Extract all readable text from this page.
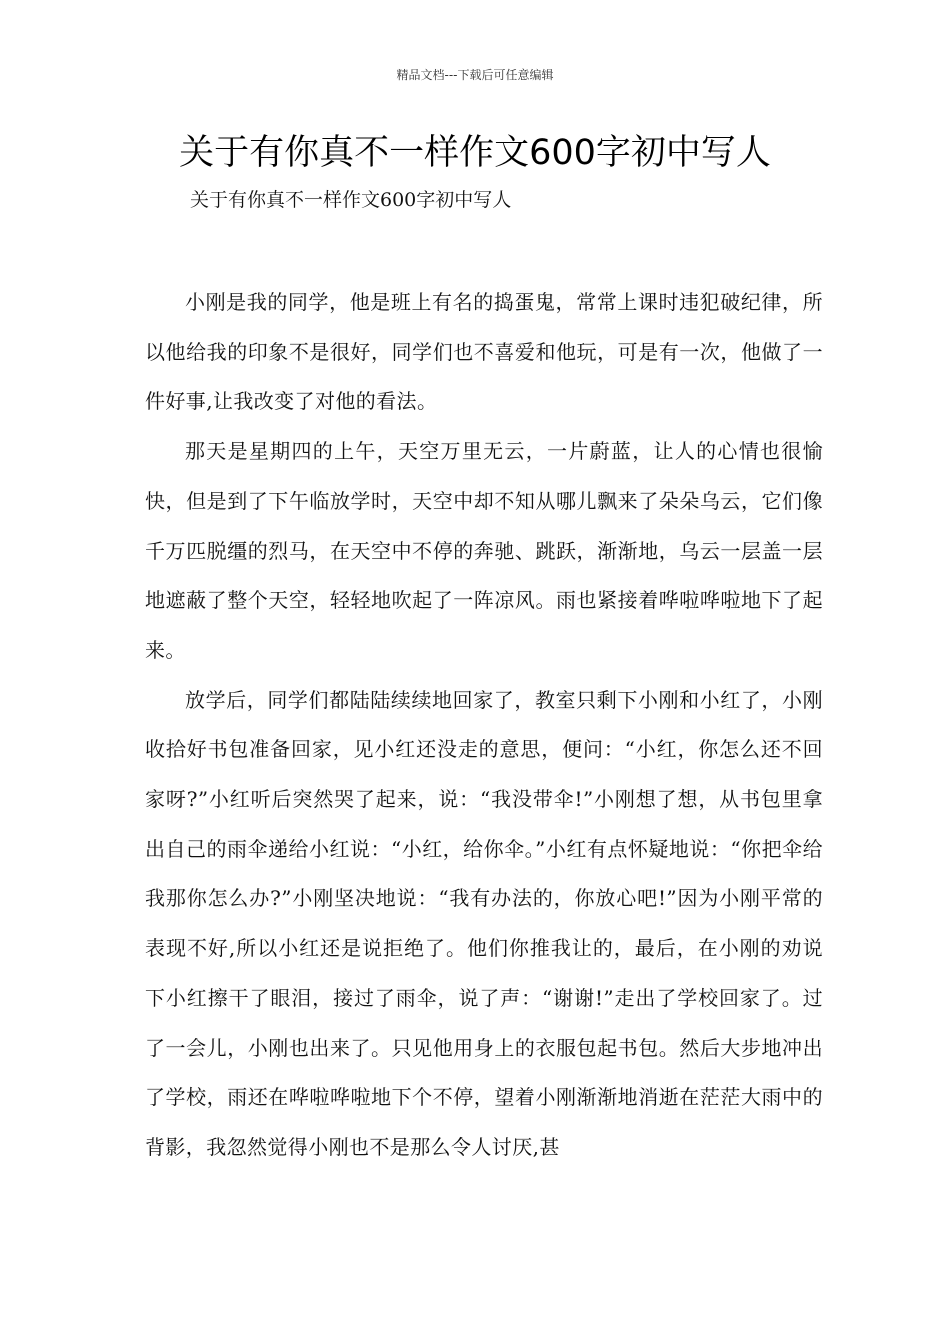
精品文档---下载后可任意编辑
关于有你真不一样作文600字初中写人

关于有你真不一样作文600字初中写人

小刚是我的同学，他是班上有名的捣蛋鬼，常常上课时违犯破纪律，所以他给我的印象不是很好，同学们也不喜爱和他玩，可是有一次，他做了一件好事,让我改变了对他的看法。

那天是星期四的上午，天空万里无云，一片蔚蓝，让人的心情也很愉快，但是到了下午临放学时，天空中却不知从哪儿飘来了朵朵乌云，它们像千万匹脱缰的烈马，在天空中不停的奔驰、跳跃，渐渐地，乌云一层盖一层地遮蔽了整个天空，轻轻地吹起了一阵凉风。雨也紧接着哗啦哗啦地下了起来。

放学后，同学们都陆陆续续地回家了，教室只剩下小刚和小红了，小刚收拾好书包准备回家，见小红还没走的意思，便问：“小红，你怎么还不回家呀?”小红听后突然哭了起来，说：“我没带伞!”小刚想了想，从书包里拿出自己的雨伞递给小红说：“小红，给你伞。”小红有点怀疑地说：“你把伞给我那你怎么办?”小刚坚决地说：“我有办法的，你放心吧!”因为小刚平常的表现不好,所以小红还是说拒绝了。他们你推我让的，最后，在小刚的劝说下小红擦干了眼泪，接过了雨伞，说了声：“谢谢!”走出了学校回家了。过了一会儿，小刚也出来了。只见他用身上的衣服包起书包。然后大步地冲出了学校，雨还在哗啦哗啦地下个不停，望着小刚渐渐地消逝在茫茫大雨中的背影，我忽然觉得小刚也不是那么令人讨厌,甚
